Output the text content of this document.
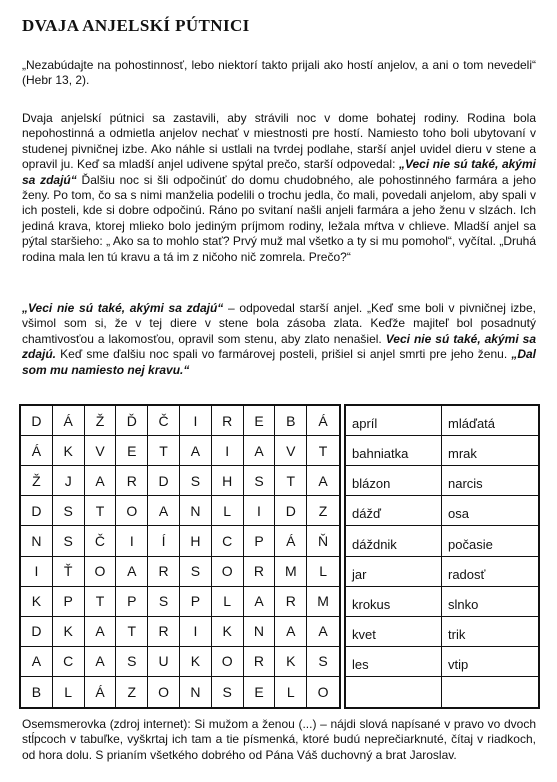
DVAJA ANJELSKÍ PÚTNICI

„Nezabúdajte na pohostinnosť, lebo niektorí takto prijali ako hostí anjelov, a ani o tom nevedeli“ (Hebr 13, 2).

Dvaja anjelskí pútnici sa zastavili, aby strávili noc v dome bohatej rodiny. Rodina bola nepohostinná a odmietla anjelov nechať v miestnosti pre hostí. Namiesto toho boli ubytovaní v studenej pivničnej izbe. Ako náhle si ustlali na tvrdej podlahe, starší anjel uvidel dieru v stene a opravil ju. Keď sa mladší anjel udivene spýtal prečo, starší odpovedal: „Veci nie sú také, akými sa zdajú“ Ďalšiu noc si šli odpočinúť do domu chudobného, ale pohostinného farmára a jeho ženy. Po tom, čo sa s nimi manželia podelili o trochu jedla, čo mali, povedali anjelom, aby spali v ich posteli, kde si dobre odpočinú. Ráno po svitaní našli anjeli farmára a jeho ženu v slzách. Ich jediná krava, ktorej mlieko bolo jediným príjmom rodiny, ležala mŕtva v chlieve. Mladší anjel sa pýtal staršieho: „ Ako sa to mohlo stať? Prvý muž mal všetko a ty si mu pomohol“, vyčítal. „Druhá rodina mala len tú kravu a tá im z ničoho nič zomrela. Prečo?“

„Veci nie sú také, akými sa zdajú“ – odpovedal starší anjel. „Keď sme boli v pivničnej izbe, všimol som si, že v tej diere v stene bola zásoba zlata. Keďže majiteľ bol posadnutý chamtivosťou a lakomosťou, opravil som stenu, aby zlato nenašiel. Veci nie sú také, akými sa zdajú. Keď sme ďalšiu noc spali vo farmárovej posteli, prišiel si anjel smrti pre jeho ženu. „Dal som mu namiesto nej kravu.“

D	Á	Ž	Ď	Č	I	R	E	B	Á
Á	K	V	E	T	A	I	A	V	T
Ž	J	A	R	D	S	H	S	T	A
D	S	T	O	A	N	L	I	D	Z
N	S	Č	I	Í	H	C	P	Á	Ň
I	Ť	O	A	R	S	O	R	M	L
K	P	T	P	S	P	L	A	R	M
D	K	A	T	R	I	K	N	A	A
A	C	A	S	U	K	O	R	K	S
B	L	Á	Z	O	N	S	E	L	O
apríl	mláďatá
bahniatka	mrak
blázon	narcis
dážď	osa
dáždnik	počasie
jar	radosť
krokus	slnko
kvet	trik
les	vtip

Osemsmerovka (zdroj internet): Si mužom a ženou (...) – nájdi slová napísané v pravo vo dvoch stĺpcoch v tabuľke, vyškrtaj ich tam a tie písmenká, ktoré budú neprečiarknuté, čítaj v riadkoch, od hora dolu. S prianím všetkého dobrého od Pána Váš duchovný a brat Jaroslav.
